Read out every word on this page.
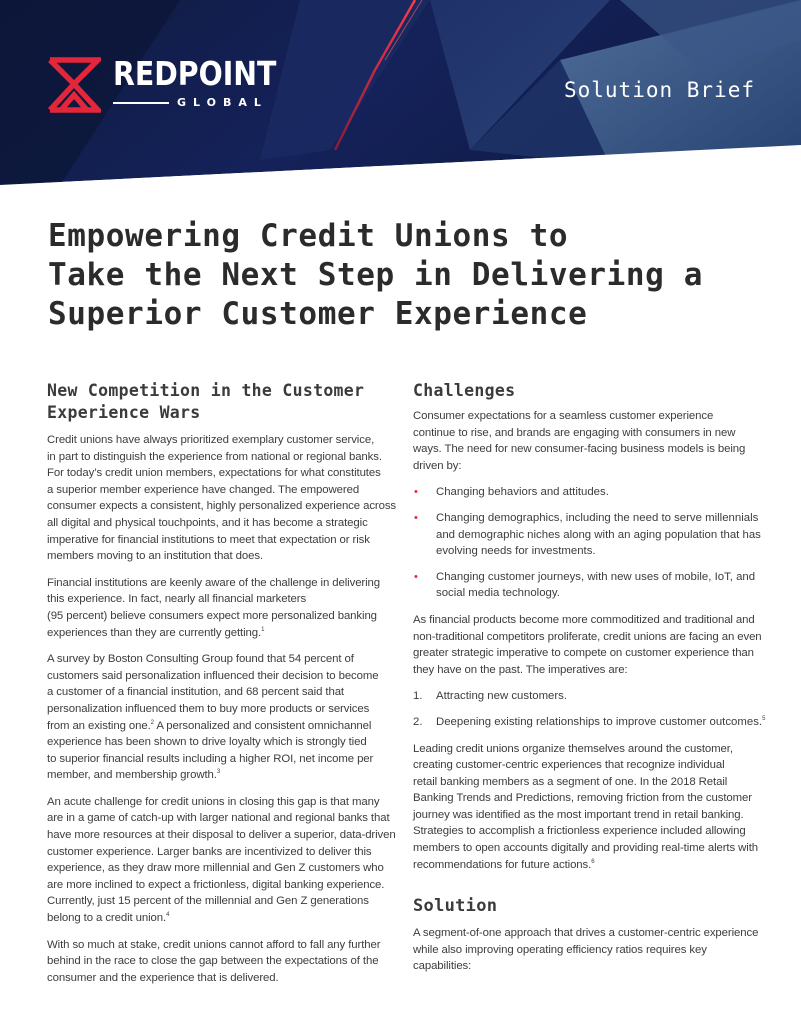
REDPOINT
GLOBAL
Solution Brief
Empowering Credit Unions to
Take the Next Step in Delivering a
Superior Customer Experience
New Competition in the Customer
Experience Wars

Credit unions have always prioritized exemplary customer service,
in part to distinguish the experience from national or regional banks.
For today’s credit union members, expectations for what constitutes
a superior member experience have changed. The empowered
consumer expects a consistent, highly personalized experience across
all digital and physical touchpoints, and it has become a strategic
imperative for financial institutions to meet that expectation or risk
members moving to an institution that does.

Financial institutions are keenly aware of the challenge in delivering
this experience. In fact, nearly all financial marketers
(95 percent) believe consumers expect more personalized banking
experiences than they are currently getting.$^1$

A survey by Boston Consulting Group found that 54 percent of
customers said personalization influenced their decision to become
a customer of a financial institution, and 68 percent said that
personalization influenced them to buy more products or services
from an existing one.$^2$ A personalized and consistent omnichannel
experience has been shown to drive loyalty which is strongly tied
to superior financial results including a higher ROI, net income per
member, and membership growth.$^3$

An acute challenge for credit unions in closing this gap is that many
are in a game of catch-up with larger national and regional banks that
have more resources at their disposal to deliver a superior, data-driven
customer experience. Larger banks are incentivized to deliver this
experience, as they draw more millennial and Gen Z customers who
are more inclined to expect a frictionless, digital banking experience.
Currently, just 15 percent of the millennial and Gen Z generations
belong to a credit union.$^4$

With so much at stake, credit unions cannot afford to fall any further
behind in the race to close the gap between the expectations of the
consumer and the experience that is delivered.

Challenges

Consumer expectations for a seamless customer experience
continue to rise, and brands are engaging with consumers in new
ways. The need for new consumer-facing business models is being
driven by:

• Changing behaviors and attitudes.
• Changing demographics, including the need to serve millennials
and demographic niches along with an aging population that has
evolving needs for investments.
• Changing customer journeys, with new uses of mobile, IoT, and
social media technology.

As financial products become more commoditized and traditional and
non-traditional competitors proliferate, credit unions are facing an even
greater strategic imperative to compete on customer experience than
they have on the past. The imperatives are:

1. Attracting new customers.
2. Deepening existing relationships to improve customer outcomes.$^5$

Leading credit unions organize themselves around the customer,
creating customer-centric experiences that recognize individual
retail banking members as a segment of one. In the 2018 Retail
Banking Trends and Predictions, removing friction from the customer
journey was identified as the most important trend in retail banking.
Strategies to accomplish a frictionless experience included allowing
members to open accounts digitally and providing real-time alerts with
recommendations for future actions.$^6$

Solution

A segment-of-one approach that drives a customer-centric experience
while also improving operating efficiency ratios requires key
capabilities:
